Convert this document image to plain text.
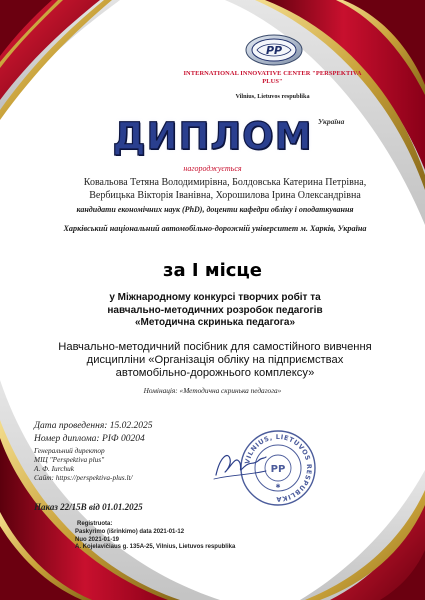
PP
INTERNATIONAL INNOVATIVE CENTER "PERSPEKTIVA PLUS"
Vilnius, Lietuvos respublika
Україна
ДИПЛОМ
нагороджується
Ковальова Тетяна Володимирівна, Болдовська Катерина Петрівна, Вербицька Вікторія Іванівна, Хорошилова Ірина Олександрівна
кандидати економічних наук (PhD), доценти кафедри обліку і оподаткування
Харківський національний автомобільно-дорожній університет м. Харків, Україна
за І місце
у Міжнародному конкурсі творчих робіт та навчально-методичних розробок педагогів «Методична скринька педагога»
Навчально-методичний посібник для самостійного вивчення дисципліни «Організація обліку на підприємствах автомобільно-дорожнього комплексу»
Номінація: «Методична скринька педагога»
Дата проведення: 15.02.2025
Номер диплома: РІФ 00204
Генеральний директор
МІЦ "Perspektiva plus"
А. Ф. Iurchuk
Сайт: https://perspektiva-plus.lt/
Наказ 22/15В від 01.01.2025
VILNIUS, LIETUVOS RESPUBLIKA
PP
✱
Registruota:
Paskyrimo (išrinkimo) data 2021-01-12
Nuo 2021-01-19
A. Kojelavičiaus g. 135A-25, Vilnius, Lietuvos respublika
